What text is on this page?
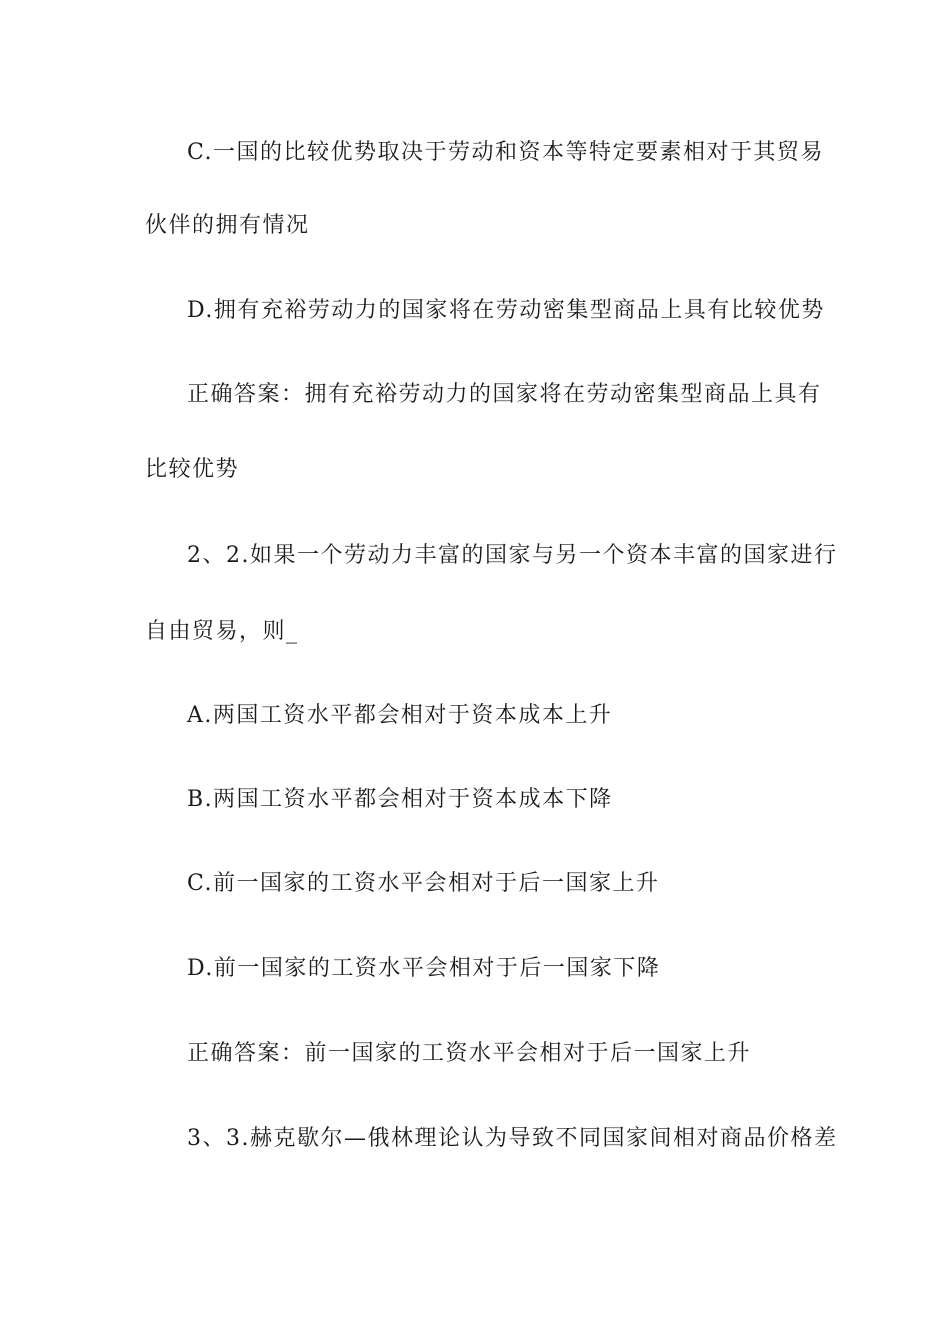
C.一国的比较优势取决于劳动和资本等特定要素相对于其贸易
伙伴的拥有情况
D.拥有充裕劳动力的国家将在劳动密集型商品上具有比较优势
正确答案：拥有充裕劳动力的国家将在劳动密集型商品上具有
比较优势
2、2.如果一个劳动力丰富的国家与另一个资本丰富的国家进行
自由贸易，则_
A.两国工资水平都会相对于资本成本上升
B.两国工资水平都会相对于资本成本下降
C.前一国家的工资水平会相对于后一国家上升
D.前一国家的工资水平会相对于后一国家下降
正确答案：前一国家的工资水平会相对于后一国家上升
3、3.赫克歇尔—俄林理论认为导致不同国家间相对商品价格差
